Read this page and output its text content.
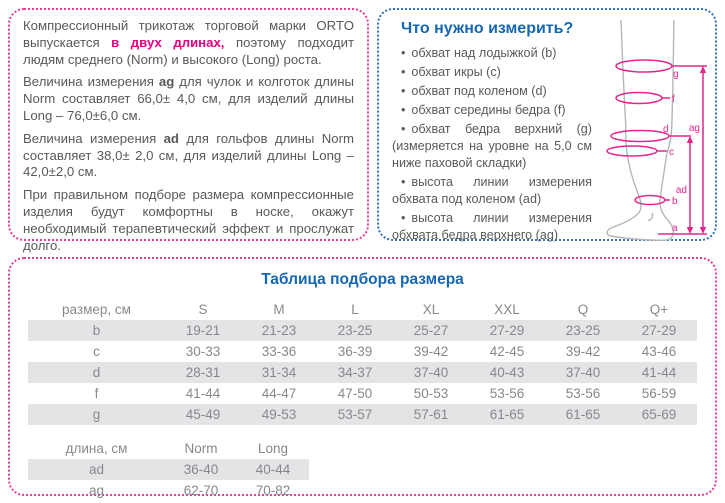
Компрессионный трикотаж торговой марки ORTO выпускается в двух длинах, поэтому подходит людям среднего (Norm) и высокого (Long) роста.

Величина измерения ag для чулок и колготок длины Norm составляет 66,0± 4,0 см, для изделий длины Long – 76,0±6,0 см.

Величина измерения ad для гольфов длины Norm составляет 38,0± 2,0 см, для изделий длины Long – 42,0±2,0 см.

При правильном подборе размера компрессионные изделия будут комфортны в носке, окажут необходимый терапевтический эффект и прослужат долго.

Что нужно измерить?
• обхват над лодыжкой (b)
• обхват икры (c)
• обхват под коленом (d)
• обхват середины бедра (f)
• обхват бедра верхний (g) (измеряется на уровне на 5,0 см ниже паховой складки)
• высота линии измерения обхвата под коленом (ad)
• высота линии измерения обхвата бедра верхнего (ag)
g
f
d
c
b
a
ad
ag
Таблица подбора размера
размер, см	S	M	L	XL	XXL	Q	Q+
b	19-21	21-23	23-25	25-27	27-29	23-25	27-29
c	30-33	33-36	36-39	39-42	42-45	39-42	43-46
d	28-31	31-34	34-37	37-40	40-43	37-40	41-44
f	41-44	44-47	47-50	50-53	53-56	53-56	56-59
g	45-49	49-53	53-57	57-61	61-65	61-65	65-69
длина, см	Norm	Long
ad	36-40	40-44
ag	62-70	70-82
